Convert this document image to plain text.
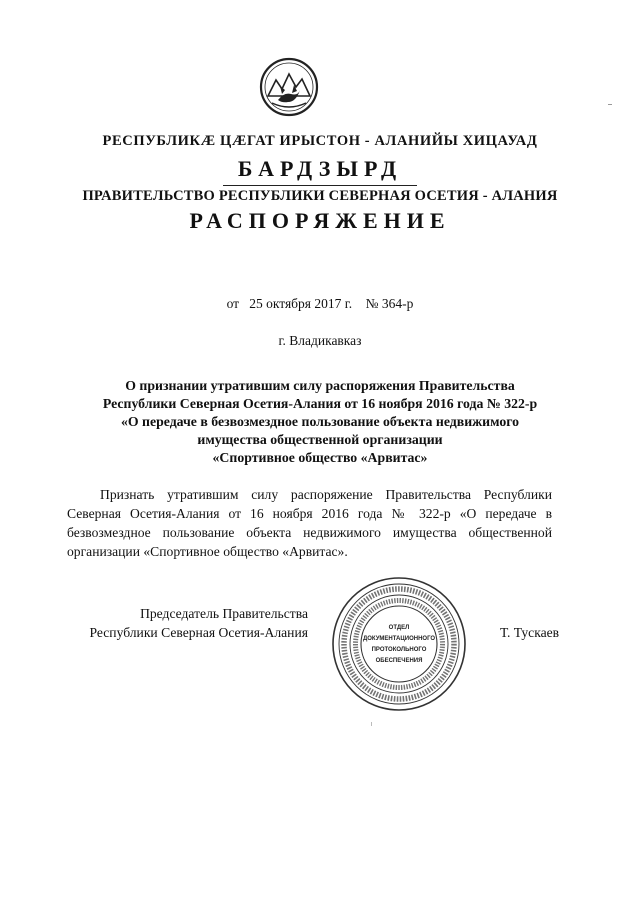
РЕСПУБЛИКÆ ЦÆГАТ ИРЫСТОН - АЛАНИЙЫ ХИЦАУАД
БАРДЗЫРД
ПРАВИТЕЛЬСТВО РЕСПУБЛИКИ СЕВЕРНАЯ ОСЕТИЯ - АЛАНИЯ
РАСПОРЯЖЕНИЕ
от 25 октября 2017 г. № 364-р
г. Владикавказ
О признании утратившим силу распоряжения Правительства
Республики Северная Осетия-Алания от 16 ноября 2016 года № 322-р
«О передаче в безвозмездное пользование объекта недвижимого
имущества общественной организации
«Спортивное общество «Арвитас»

Признать утратившим силу распоряжение Правительства Республики Северная Осетия-Алания от 16 ноября 2016 года № 322-р «О передаче в безвозмездное пользование объекта недвижимого имущества общественной организации «Спортивное общество «Арвитас».

Председатель Правительства
Республики Северная Осетия-Алания	ОТДЕЛ
ДОКУМЕНТАЦИОННОГО
ПРОТОКОЛЬНОГО
ОБЕСПЕЧЕНИЯ
Т. Тускаев
